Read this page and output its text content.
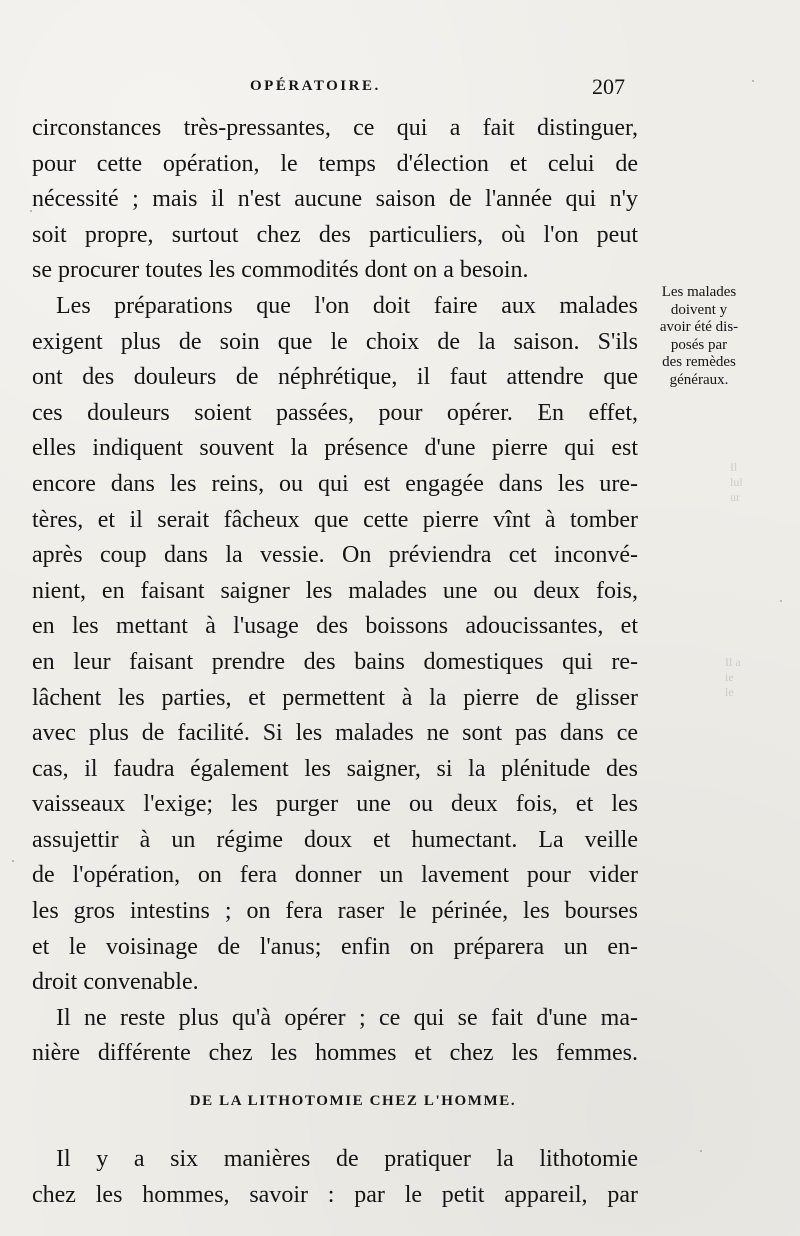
Il
lul
ur
Il a
ie
le
OPÉRATOIRE.	207
Les malades
doivent y
avoir été dis-
posés par
des remèdes
généraux.
circonstances très-pressantes, ce qui a fait distinguer,
pour cette opération, le temps d'élection et celui de
nécessité ; mais il n'est aucune saison de l'année qui n'y
soit propre, surtout chez des particuliers, où l'on peut
se procurer toutes les commodités dont on a besoin.
Les préparations que l'on doit faire aux malades
exigent plus de soin que le choix de la saison. S'ils
ont des douleurs de néphrétique, il faut attendre que
ces douleurs soient passées, pour opérer. En effet,
elles indiquent souvent la présence d'une pierre qui est
encore dans les reins, ou qui est engagée dans les ure-
tères, et il serait fâcheux que cette pierre vînt à tomber
après coup dans la vessie. On préviendra cet inconvé-
nient, en faisant saigner les malades une ou deux fois,
en les mettant à l'usage des boissons adoucissantes, et
en leur faisant prendre des bains domestiques qui re-
lâchent les parties, et permettent à la pierre de glisser
avec plus de facilité. Si les malades ne sont pas dans ce
cas, il faudra également les saigner, si la plénitude des
vaisseaux l'exige; les purger une ou deux fois, et les
assujettir à un régime doux et humectant. La veille
de l'opération, on fera donner un lavement pour vider
les gros intestins ; on fera raser le périnée, les bourses
et le voisinage de l'anus; enfin on préparera un en-
droit convenable.
Il ne reste plus qu'à opérer ; ce qui se fait d'une ma-
nière différente chez les hommes et chez les femmes.
DE LA LITHOTOMIE CHEZ L'HOMME.
Il y a six manières de pratiquer la lithotomie
chez les hommes, savoir : par le petit appareil, par
